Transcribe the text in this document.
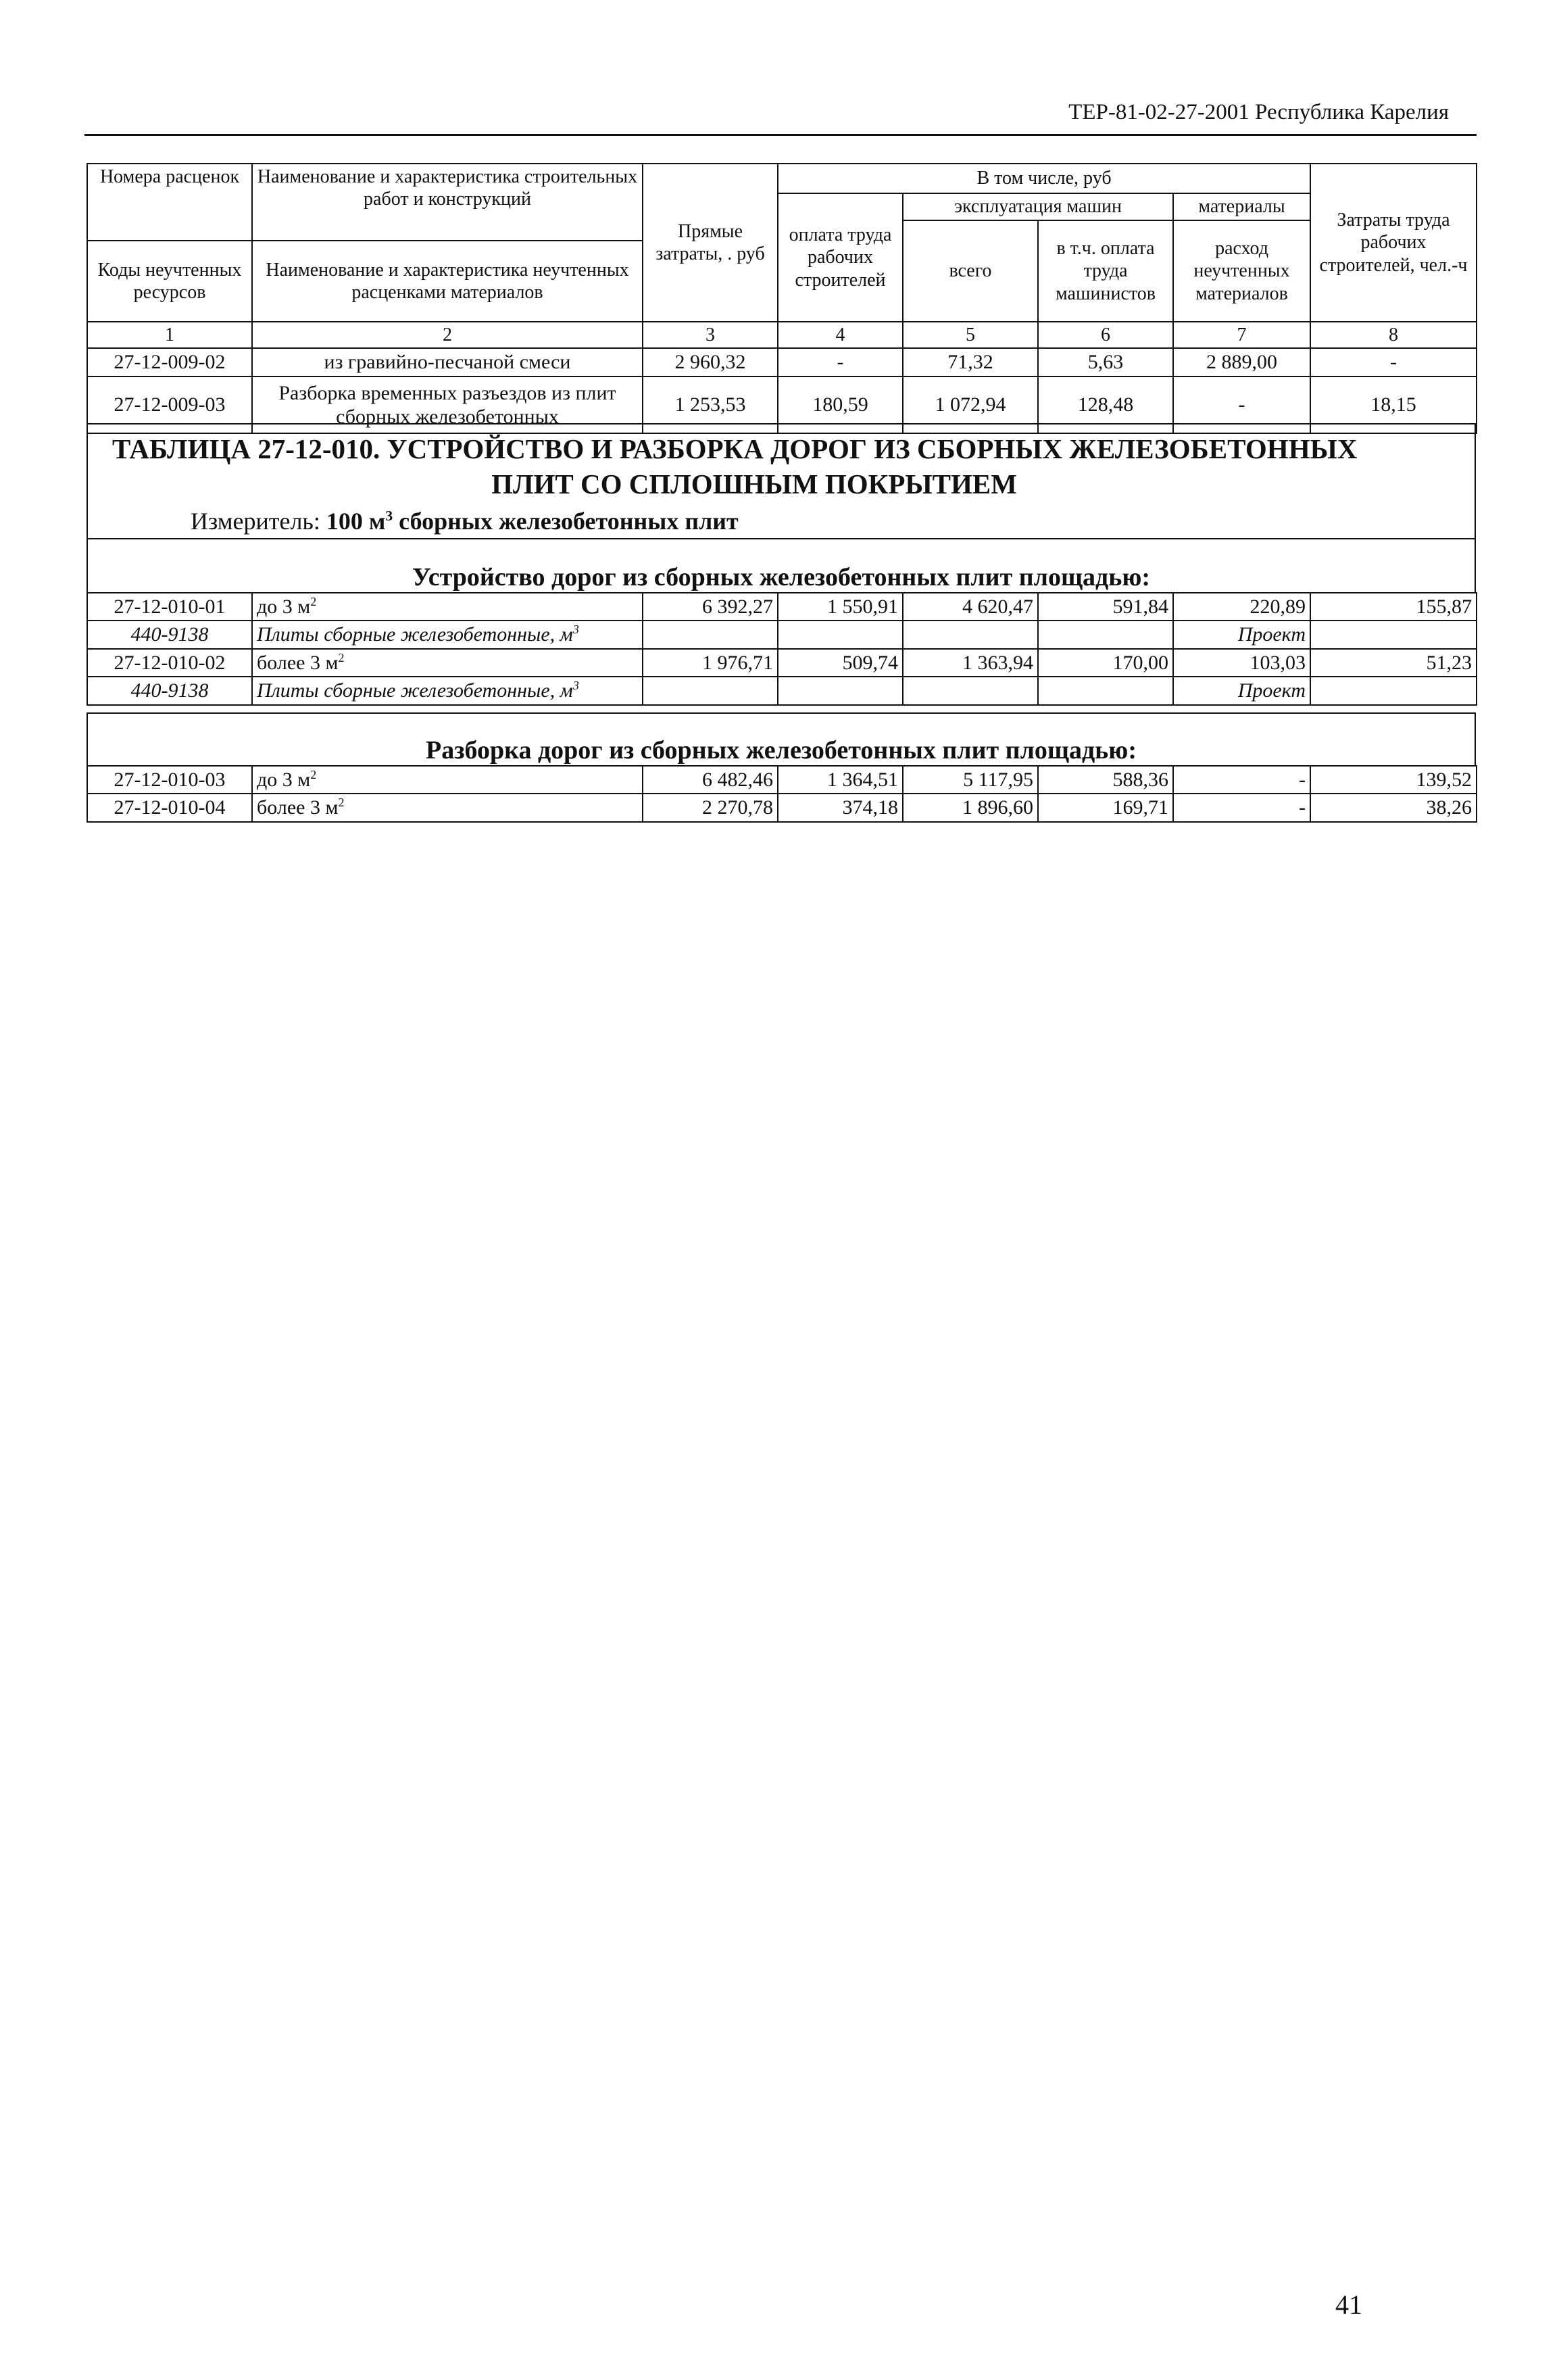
ТЕР-81-02-27-2001 Республика Карелия
Номера расценок	Наименование и характеристика строительных работ и конструкций	Прямые затраты, . руб	В том числе, руб				Затраты труда рабочих строителей, чел.-ч
			оплата труда рабочих строителей	эксплуатация машин		материалы	
				всего	в т.ч. оплата труда машинистов	расход неучтенных материалов	
Коды неучтенных ресурсов	Наименование и характеристика неучтенных расценками материалов						

1	2	3	4	5	6	7	8
27-12-009-02	из гравийно-песчаной смеси	2 960,32	-	71,32	5,63	2 889,00	-
27-12-009-03	Разборка временных разъездов из плит сборных железобетонных	1 253,53	180,59	1 072,94	128,48	-	18,15
ТАБЛИЦА 27-12-010. УСТРОЙСТВО И РАЗБОРКА ДОРОГ ИЗ СБОРНЫХ ЖЕЛЕЗОБЕТОННЫХ
ПЛИТ СО СПЛОШНЫМ ПОКРЫТИЕМ
Измеритель: 100 $м^3$ сборных железобетонных плит
Устройство дорог из сборных железобетонных плит площадью:
27-12-010-01	до 3 $м^2$	6 392,27	1 550,91	4 620,47	591,84	220,89	155,87
440-9138	Плиты сборные железобетонные, $м^3$					Проект	
27-12-010-02	более 3 $м^2$	1 976,71	509,74	1 363,94	170,00	103,03	51,23
440-9138	Плиты сборные железобетонные, $м^3$					Проект	
Разборка дорог из сборных железобетонных плит площадью:
27-12-010-03	до 3 $м^2$	6 482,46	1 364,51	5 117,95	588,36	-	139,52
27-12-010-04	более 3 $м^2$	2 270,78	374,18	1 896,60	169,71	-	38,26
41
